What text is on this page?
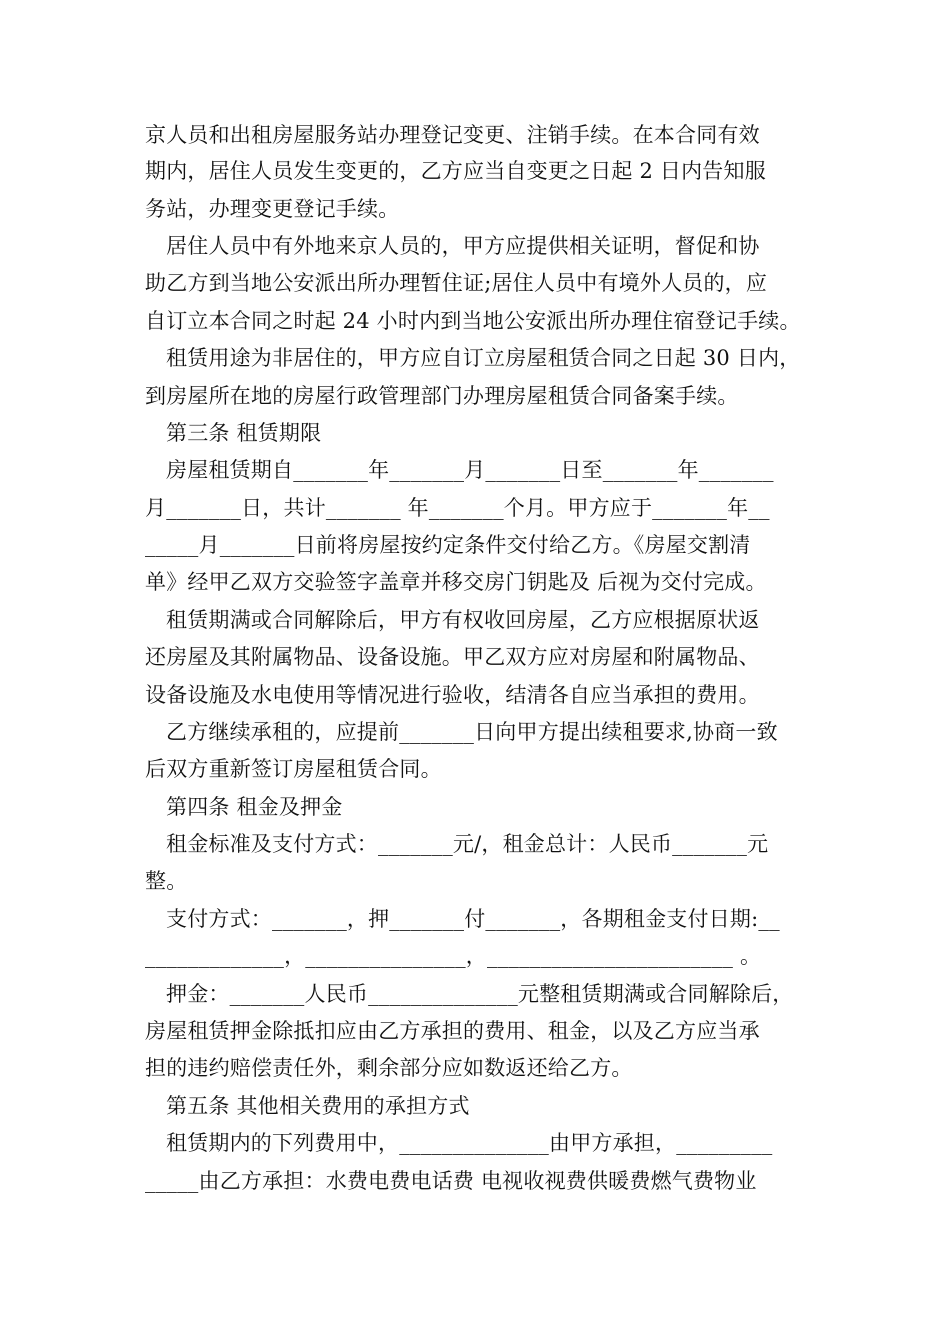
京人员和出租房屋服务站办理登记变更、注销手续。在本合同有效
期内，居住人员发生变更的，乙方应当自变更之日起 2 日内告知服
务站，办理变更登记手续。
居住人员中有外地来京人员的，甲方应提供相关证明，督促和协
助乙方到当地公安派出所办理暂住证;居住人员中有境外人员的，应
自订立本合同之时起 24 小时内到当地公安派出所办理住宿登记手续。
租赁用途为非居住的，甲方应自订立房屋租赁合同之日起 30 日内，
到房屋所在地的房屋行政管理部门办理房屋租赁合同备案手续。
第三条 租赁期限
房屋租赁期自_______年_______月_______日至_______年_______
月_______日，共计_______ 年_______个月。甲方应于_______年__
_____月_______日前将房屋按约定条件交付给乙方。《房屋交割清
单》经甲乙双方交验签字盖章并移交房门钥匙及 后视为交付完成。
租赁期满或合同解除后，甲方有权收回房屋，乙方应根据原状返
还房屋及其附属物品、设备设施。甲乙双方应对房屋和附属物品、
设备设施及水电使用等情况进行验收，结清各自应当承担的费用。
乙方继续承租的，应提前_______日向甲方提出续租要求,协商一致
后双方重新签订房屋租赁合同。
第四条 租金及押金
租金标准及支付方式：_______元/，租金总计：人民币_______元
整。
支付方式：_______，押_______付_______，各期租金支付日期:__
_____________，_______________，_______________________ 。
押金：_______人民币______________元整租赁期满或合同解除后，
房屋租赁押金除抵扣应由乙方承担的费用、租金，以及乙方应当承
担的违约赔偿责任外，剩余部分应如数返还给乙方。
第五条 其他相关费用的承担方式
租赁期内的下列费用中，______________由甲方承担，_________
_____由乙方承担：水费电费电话费 电视收视费供暖费燃气费物业
